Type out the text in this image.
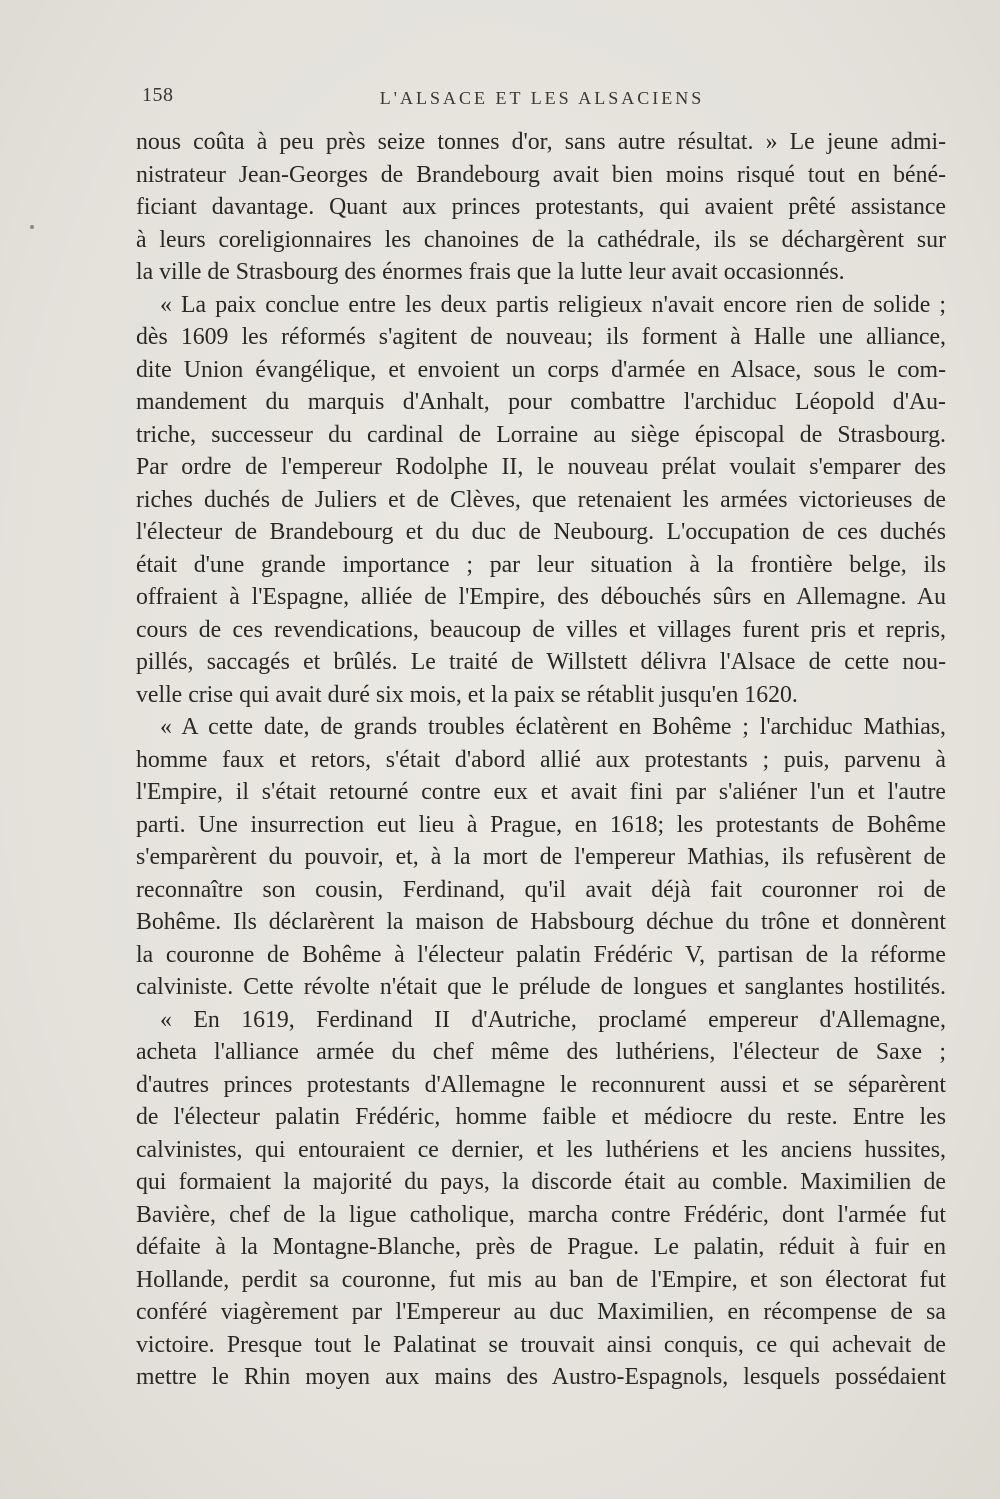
158	L'ALSACE ET LES ALSACIENS
nous coûta à peu près seize tonnes d'or, sans autre résultat. » Le jeune admi-
nistrateur Jean-Georges de Brandebourg avait bien moins risqué tout en béné-
ficiant davantage. Quant aux princes protestants, qui avaient prêté assistance
à leurs coreligionnaires les chanoines de la cathédrale, ils se déchargèrent sur
la ville de Strasbourg des énormes frais que la lutte leur avait occasionnés.
« La paix conclue entre les deux partis religieux n'avait encore rien de solide ;
dès 1609 les réformés s'agitent de nouveau; ils forment à Halle une alliance,
dite Union évangélique, et envoient un corps d'armée en Alsace, sous le com-
mandement du marquis d'Anhalt, pour combattre l'archiduc Léopold d'Au-
triche, successeur du cardinal de Lorraine au siège épiscopal de Strasbourg.
Par ordre de l'empereur Rodolphe II, le nouveau prélat voulait s'emparer des
riches duchés de Juliers et de Clèves, que retenaient les armées victorieuses de
l'électeur de Brandebourg et du duc de Neubourg. L'occupation de ces duchés
était d'une grande importance ; par leur situation à la frontière belge, ils
offraient à l'Espagne, alliée de l'Empire, des débouchés sûrs en Allemagne. Au
cours de ces revendications, beaucoup de villes et villages furent pris et repris,
pillés, saccagés et brûlés. Le traité de Willstett délivra l'Alsace de cette nou-
velle crise qui avait duré six mois, et la paix se rétablit jusqu'en 1620.
« A cette date, de grands troubles éclatèrent en Bohême ; l'archiduc Mathias,
homme faux et retors, s'était d'abord allié aux protestants ; puis, parvenu à
l'Empire, il s'était retourné contre eux et avait fini par s'aliéner l'un et l'autre
parti. Une insurrection eut lieu à Prague, en 1618; les protestants de Bohême
s'emparèrent du pouvoir, et, à la mort de l'empereur Mathias, ils refusèrent de
reconnaître son cousin, Ferdinand, qu'il avait déjà fait couronner roi de
Bohême. Ils déclarèrent la maison de Habsbourg déchue du trône et donnèrent
la couronne de Bohême à l'électeur palatin Frédéric V, partisan de la réforme
calviniste. Cette révolte n'était que le prélude de longues et sanglantes hostilités.
« En 1619, Ferdinand II d'Autriche, proclamé empereur d'Allemagne,
acheta l'alliance armée du chef même des luthériens, l'électeur de Saxe ;
d'autres princes protestants d'Allemagne le reconnurent aussi et se séparèrent
de l'électeur palatin Frédéric, homme faible et médiocre du reste. Entre les
calvinistes, qui entouraient ce dernier, et les luthériens et les anciens hussites,
qui formaient la majorité du pays, la discorde était au comble. Maximilien de
Bavière, chef de la ligue catholique, marcha contre Frédéric, dont l'armée fut
défaite à la Montagne-Blanche, près de Prague. Le palatin, réduit à fuir en
Hollande, perdit sa couronne, fut mis au ban de l'Empire, et son électorat fut
conféré viagèrement par l'Empereur au duc Maximilien, en récompense de sa
victoire. Presque tout le Palatinat se trouvait ainsi conquis, ce qui achevait de
mettre le Rhin moyen aux mains des Austro-Espagnols, lesquels possédaient
